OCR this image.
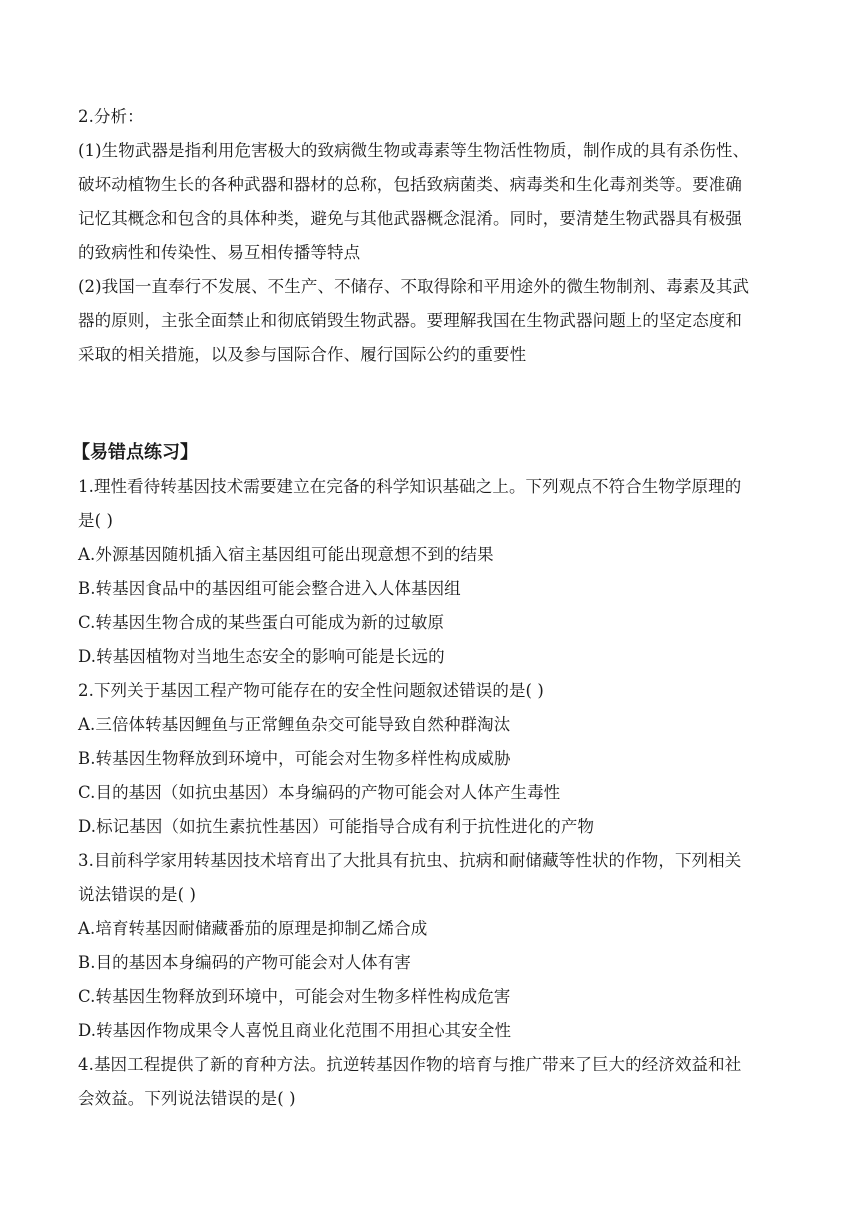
2.分析：
(1)生物武器是指利用危害极大的致病微生物或毒素等生物活性物质，制作成的具有杀伤性、
破坏动植物生长的各种武器和器材的总称，包括致病菌类、病毒类和生化毒剂类等。要准确
记忆其概念和包含的具体种类，避免与其他武器概念混淆。同时，要清楚生物武器具有极强
的致病性和传染性、易互相传播等特点
(2)我国一直奉行不发展、不生产、不储存、不取得除和平用途外的微生物制剂、毒素及其武
器的原则，主张全面禁止和彻底销毁生物武器。要理解我国在生物武器问题上的坚定态度和
采取的相关措施，以及参与国际合作、履行国际公约的重要性
【易错点练习】
1.理性看待转基因技术需要建立在完备的科学知识基础之上。下列观点不符合生物学原理的
是( )
A.外源基因随机插入宿主基因组可能出现意想不到的结果
B.转基因食品中的基因组可能会整合进入人体基因组
C.转基因生物合成的某些蛋白可能成为新的过敏原
D.转基因植物对当地生态安全的影响可能是长远的
2.下列关于基因工程产物可能存在的安全性问题叙述错误的是( )
A.三倍体转基因鲤鱼与正常鲤鱼杂交可能导致自然种群淘汰
B.转基因生物释放到环境中，可能会对生物多样性构成威胁
C.目的基因（如抗虫基因）本身编码的产物可能会对人体产生毒性
D.标记基因（如抗生素抗性基因）可能指导合成有利于抗性进化的产物
3.目前科学家用转基因技术培育出了大批具有抗虫、抗病和耐储藏等性状的作物，下列相关
说法错误的是( )
A.培育转基因耐储藏番茄的原理是抑制乙烯合成
B.目的基因本身编码的产物可能会对人体有害
C.转基因生物释放到环境中，可能会对生物多样性构成危害
D.转基因作物成果令人喜悦且商业化范围不用担心其安全性
4.基因工程提供了新的育种方法。抗逆转基因作物的培育与推广带来了巨大的经济效益和社
会效益。下列说法错误的是( )
